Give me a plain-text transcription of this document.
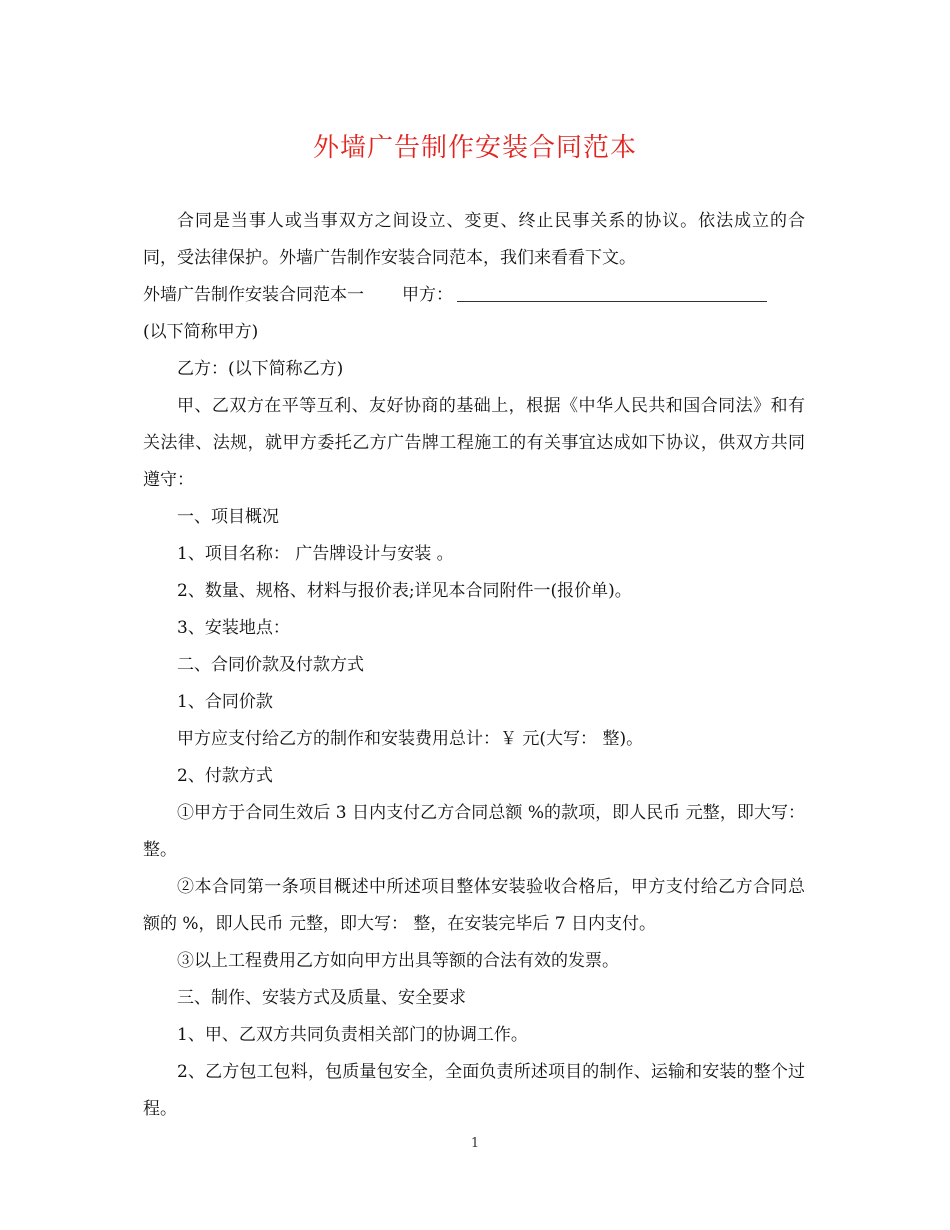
外墙广告制作安装合同范本

合同是当事人或当事双方之间设立、变更、终止民事关系的协议。依法成立的合同，受法律保护。外墙广告制作安装合同范本，我们来看看下文。

外墙广告制作安装合同范本一 甲方：

(以下简称甲方)

乙方：(以下简称乙方)

甲、乙双方在平等互利、友好协商的基础上，根据《中华人民共和国合同法》和有关法律、法规，就甲方委托乙方广告牌工程施工的有关事宜达成如下协议，供双方共同遵守：

一、项目概况

1、项目名称： 广告牌设计与安装 。

2、数量、规格、材料与报价表;详见本合同附件一(报价单)。

3、安装地点：

二、合同价款及付款方式

1、合同价款

甲方应支付给乙方的制作和安装费用总计：￥ 元(大写： 整)。

2、付款方式

①甲方于合同生效后 3 日内支付乙方合同总额 %的款项，即人民币 元整，即大写： 整。

②本合同第一条项目概述中所述项目整体安装验收合格后，甲方支付给乙方合同总额的 %，即人民币 元整，即大写： 整，在安装完毕后 7 日内支付。

③以上工程费用乙方如向甲方出具等额的合法有效的发票。

三、制作、安装方式及质量、安全要求

1、甲、乙双方共同负责相关部门的协调工作。

2、乙方包工包料，包质量包安全，全面负责所述项目的制作、运输和安装的整个过程。

1
